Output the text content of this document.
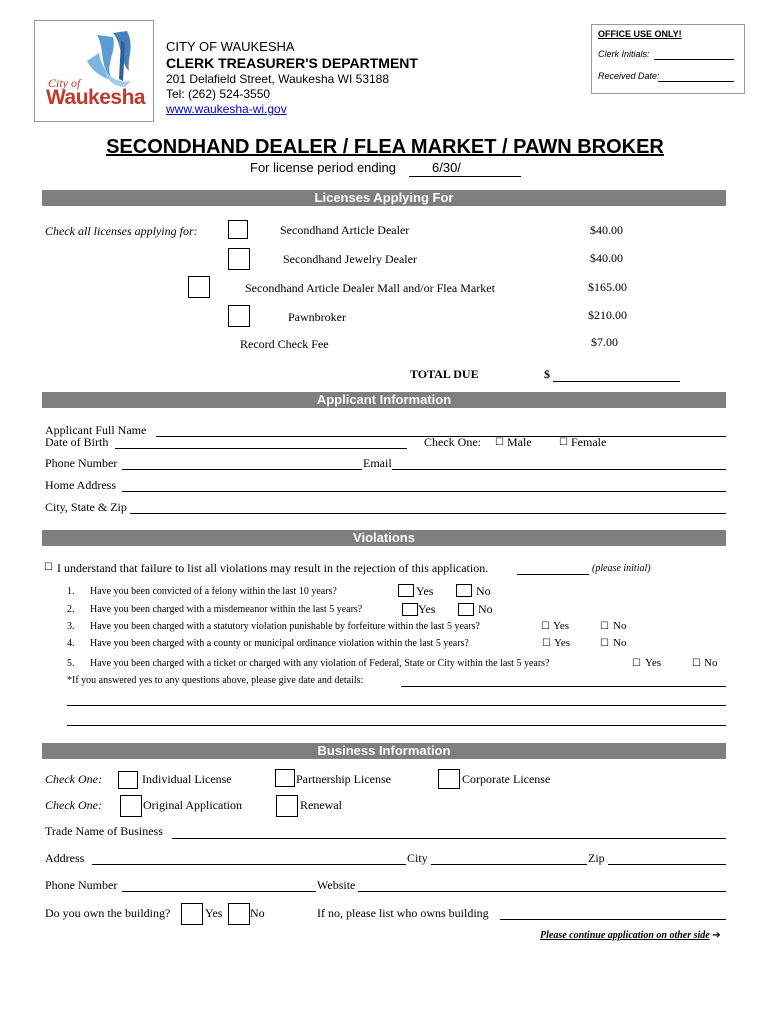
City of
Waukesha
CITY OF WAUKESHA
CLERK TREASURER'S DEPARTMENT
201 Delafield Street, Waukesha WI 53188
Tel: (262) 524-3550
www.waukesha-wi.gov
OFFICE USE ONLY!
Clerk Initials:
Received Date:
SECONDHAND DEALER / FLEA MARKET / PAWN BROKER
For license period ending	6/30/
Licenses Applying For
Check all licenses applying for:	Secondhand Article Dealer	$40.00
Secondhand Jewelry Dealer	$40.00
Secondhand Article Dealer Mall and/or Flea Market	$165.00
Pawnbroker	$210.00
Record Check Fee	$7.00
TOTAL DUE	$
Applicant Information
Applicant Full Name
Date of Birth	Check One: ☐ Male	☐ Female
Phone Number	Email
Home Address
City, State & Zip
Violations
☐ I understand that failure to list all violations may result in the rejection of this application.	(please initial)
1. Have you been convicted of a felony within the last 10 years?	Yes	No
2. Have you been charged with a misdemeanor within the last 5 years?	Yes	No
3. Have you been charged with a statutory violation punishable by forfeiture within the last 5 years?	☐ Yes	☐ No
4. Have you been charged with a county or municipal ordinance violation within the last 5 years?	☐ Yes	☐ No
5. Have you been charged with a ticket or charged with any violation of Federal, State or City within the last 5 years?	☐ Yes	☐ No
*If you answered yes to any questions above, please give date and details:
Business Information
Check One:	Individual License	Partnership License	Corporate License
Check One:	Original Application	Renewal
Trade Name of Business
Address	City	Zip
Phone Number	Website
Do you own the building?	Yes No	If no, please list who owns building
Please continue application on other side ➔
